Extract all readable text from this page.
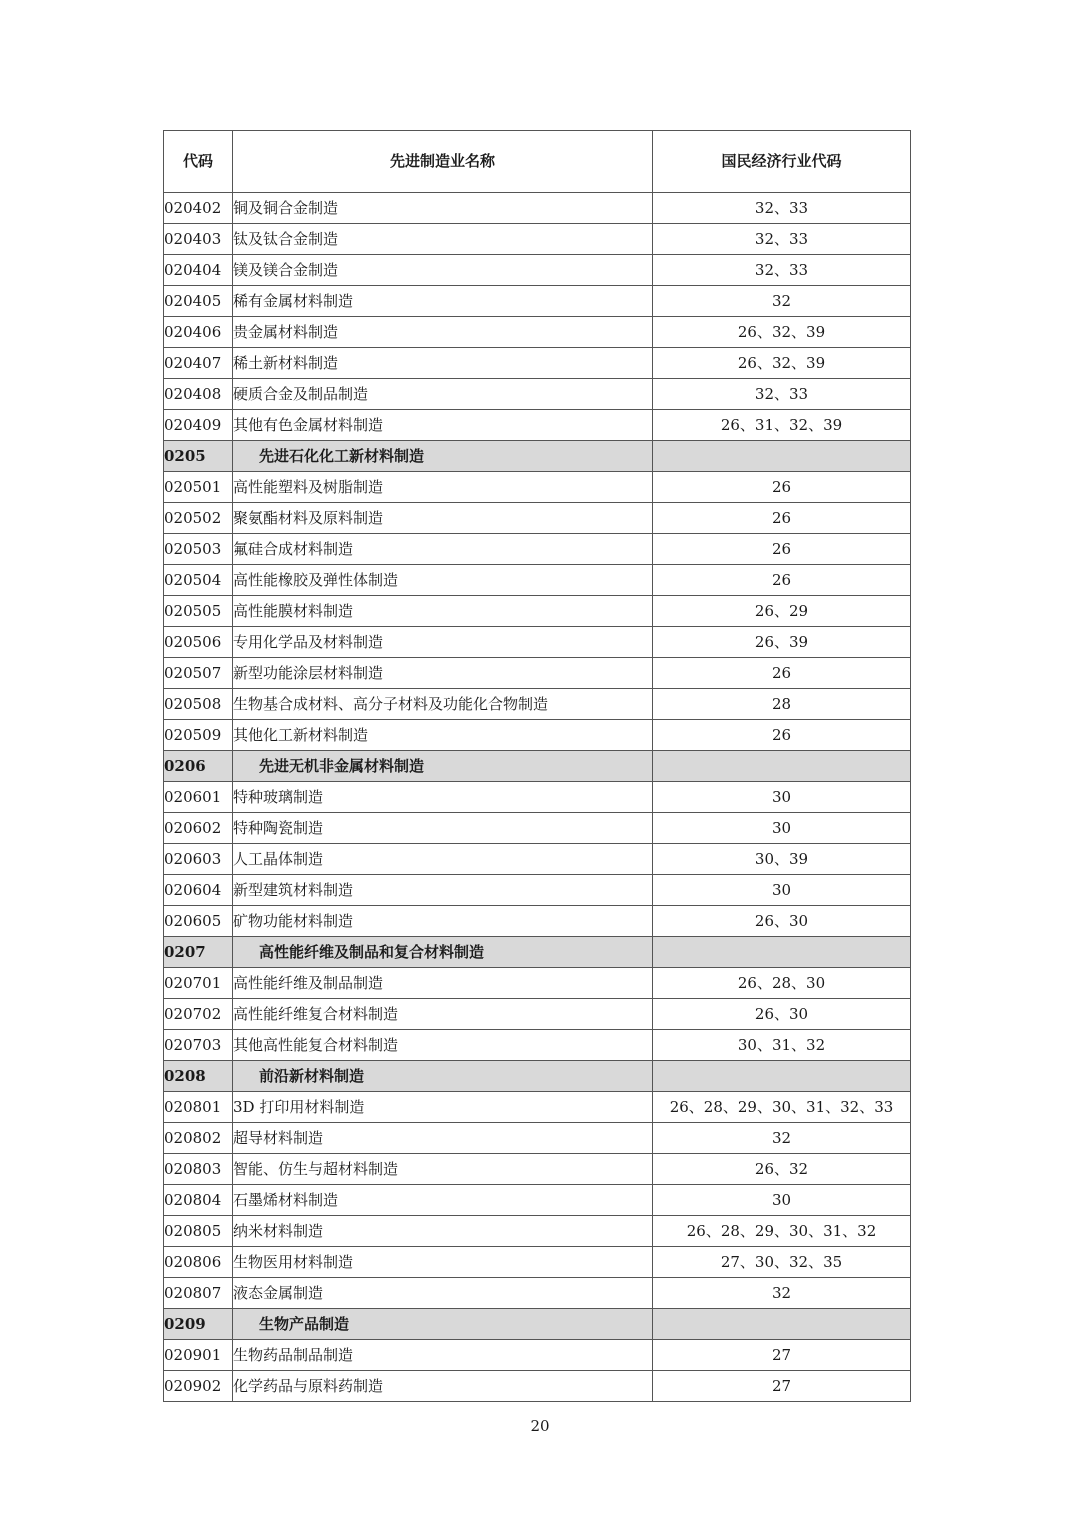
代码	先进制造业名称	国民经济行业代码
020402	铜及铜合金制造	32、33
020403	钛及钛合金制造	32、33
020404	镁及镁合金制造	32、33
020405	稀有金属材料制造	32
020406	贵金属材料制造	26、32、39
020407	稀土新材料制造	26、32、39
020408	硬质合金及制品制造	32、33
020409	其他有色金属材料制造	26、31、32、39
0205	先进石化化工新材料制造	
020501	高性能塑料及树脂制造	26
020502	聚氨酯材料及原料制造	26
020503	氟硅合成材料制造	26
020504	高性能橡胶及弹性体制造	26
020505	高性能膜材料制造	26、29
020506	专用化学品及材料制造	26、39
020507	新型功能涂层材料制造	26
020508	生物基合成材料、高分子材料及功能化合物制造	28
020509	其他化工新材料制造	26
0206	先进无机非金属材料制造	
020601	特种玻璃制造	30
020602	特种陶瓷制造	30
020603	人工晶体制造	30、39
020604	新型建筑材料制造	30
020605	矿物功能材料制造	26、30
0207	高性能纤维及制品和复合材料制造	
020701	高性能纤维及制品制造	26、28、30
020702	高性能纤维复合材料制造	26、30
020703	其他高性能复合材料制造	30、31、32
0208	前沿新材料制造	
020801	3D 打印用材料制造	26、28、29、30、31、32、33
020802	超导材料制造	32
020803	智能、仿生与超材料制造	26、32
020804	石墨烯材料制造	30
020805	纳米材料制造	26、28、29、30、31、32
020806	生物医用材料制造	27、30、32、35
020807	液态金属制造	32
0209	生物产品制造	
020901	生物药品制品制造	27
020902	化学药品与原料药制造	27
20
